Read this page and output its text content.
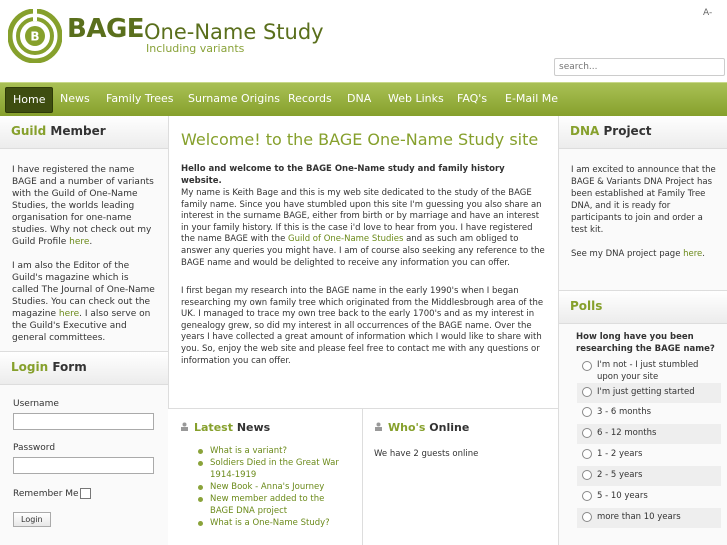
B BAGE One-Name Study
Including variants
A-
search...
Home	News	Family Trees	Surname Origins Records	DNA	Web Links	FAQ's	E-Mail Me
Guild Member
I have registered the name BAGE and a number of variants with the Guild of One-Name Studies, the worlds leading organisation for one-name studies. Why not check out my Guild Profile here.
I am also the Editor of the Guild's magazine which is called The Journal of One-Name Studies. You can check out the magazine here. I also serve on the Guild's Executive and general committees.
Login Form
Username
Password
Remember Me
Login
Welcome! to the BAGE One-Name Study site
Hello and welcome to the BAGE One-Name study and family history website.
My name is Keith Bage and this is my web site dedicated to the study of the BAGE family name. Since you have stumbled upon this site I'm guessing you also share an interest in the surname BAGE, either from birth or by marriage and have an interest in your family history. If this is the case i'd love to hear from you. I have registered the name BAGE with the Guild of One-Name Studies and as such am obliged to answer any queries you might have. I am of course also seeking any reference to the BAGE name and would be delighted to receive any information you can offer.
I first began my research into the BAGE name in the early 1990's when I began researching my own family tree which originated from the Middlesbrough area of the UK. I managed to trace my own tree back to the early 1700's and as my interest in genealogy grew, so did my interest in all occurrences of the BAGE name. Over the years I have collected a great amount of information which I would like to share with you. So, enjoy the web site and please feel free to contact me with any questions or information you can offer.
Latest News
What is a variant?
Soldiers Died in the Great War 1914-1919
New Book - Anna's Journey
New member added to the BAGE DNA project
What is a One-Name Study?
Who's Online
We have 2 guests online
DNA Project
I am excited to announce that the BAGE & Variants DNA Project has been established at Family Tree DNA, and it is ready for participants to join and order a test kit.
See my DNA project page here.
Polls
How long have you been researching the BAGE name?
I'm not - I just stumbled upon your site
I'm just getting started
3 - 6 months
6 - 12 months
1 - 2 years
2 - 5 years
5 - 10 years
more than 10 years
